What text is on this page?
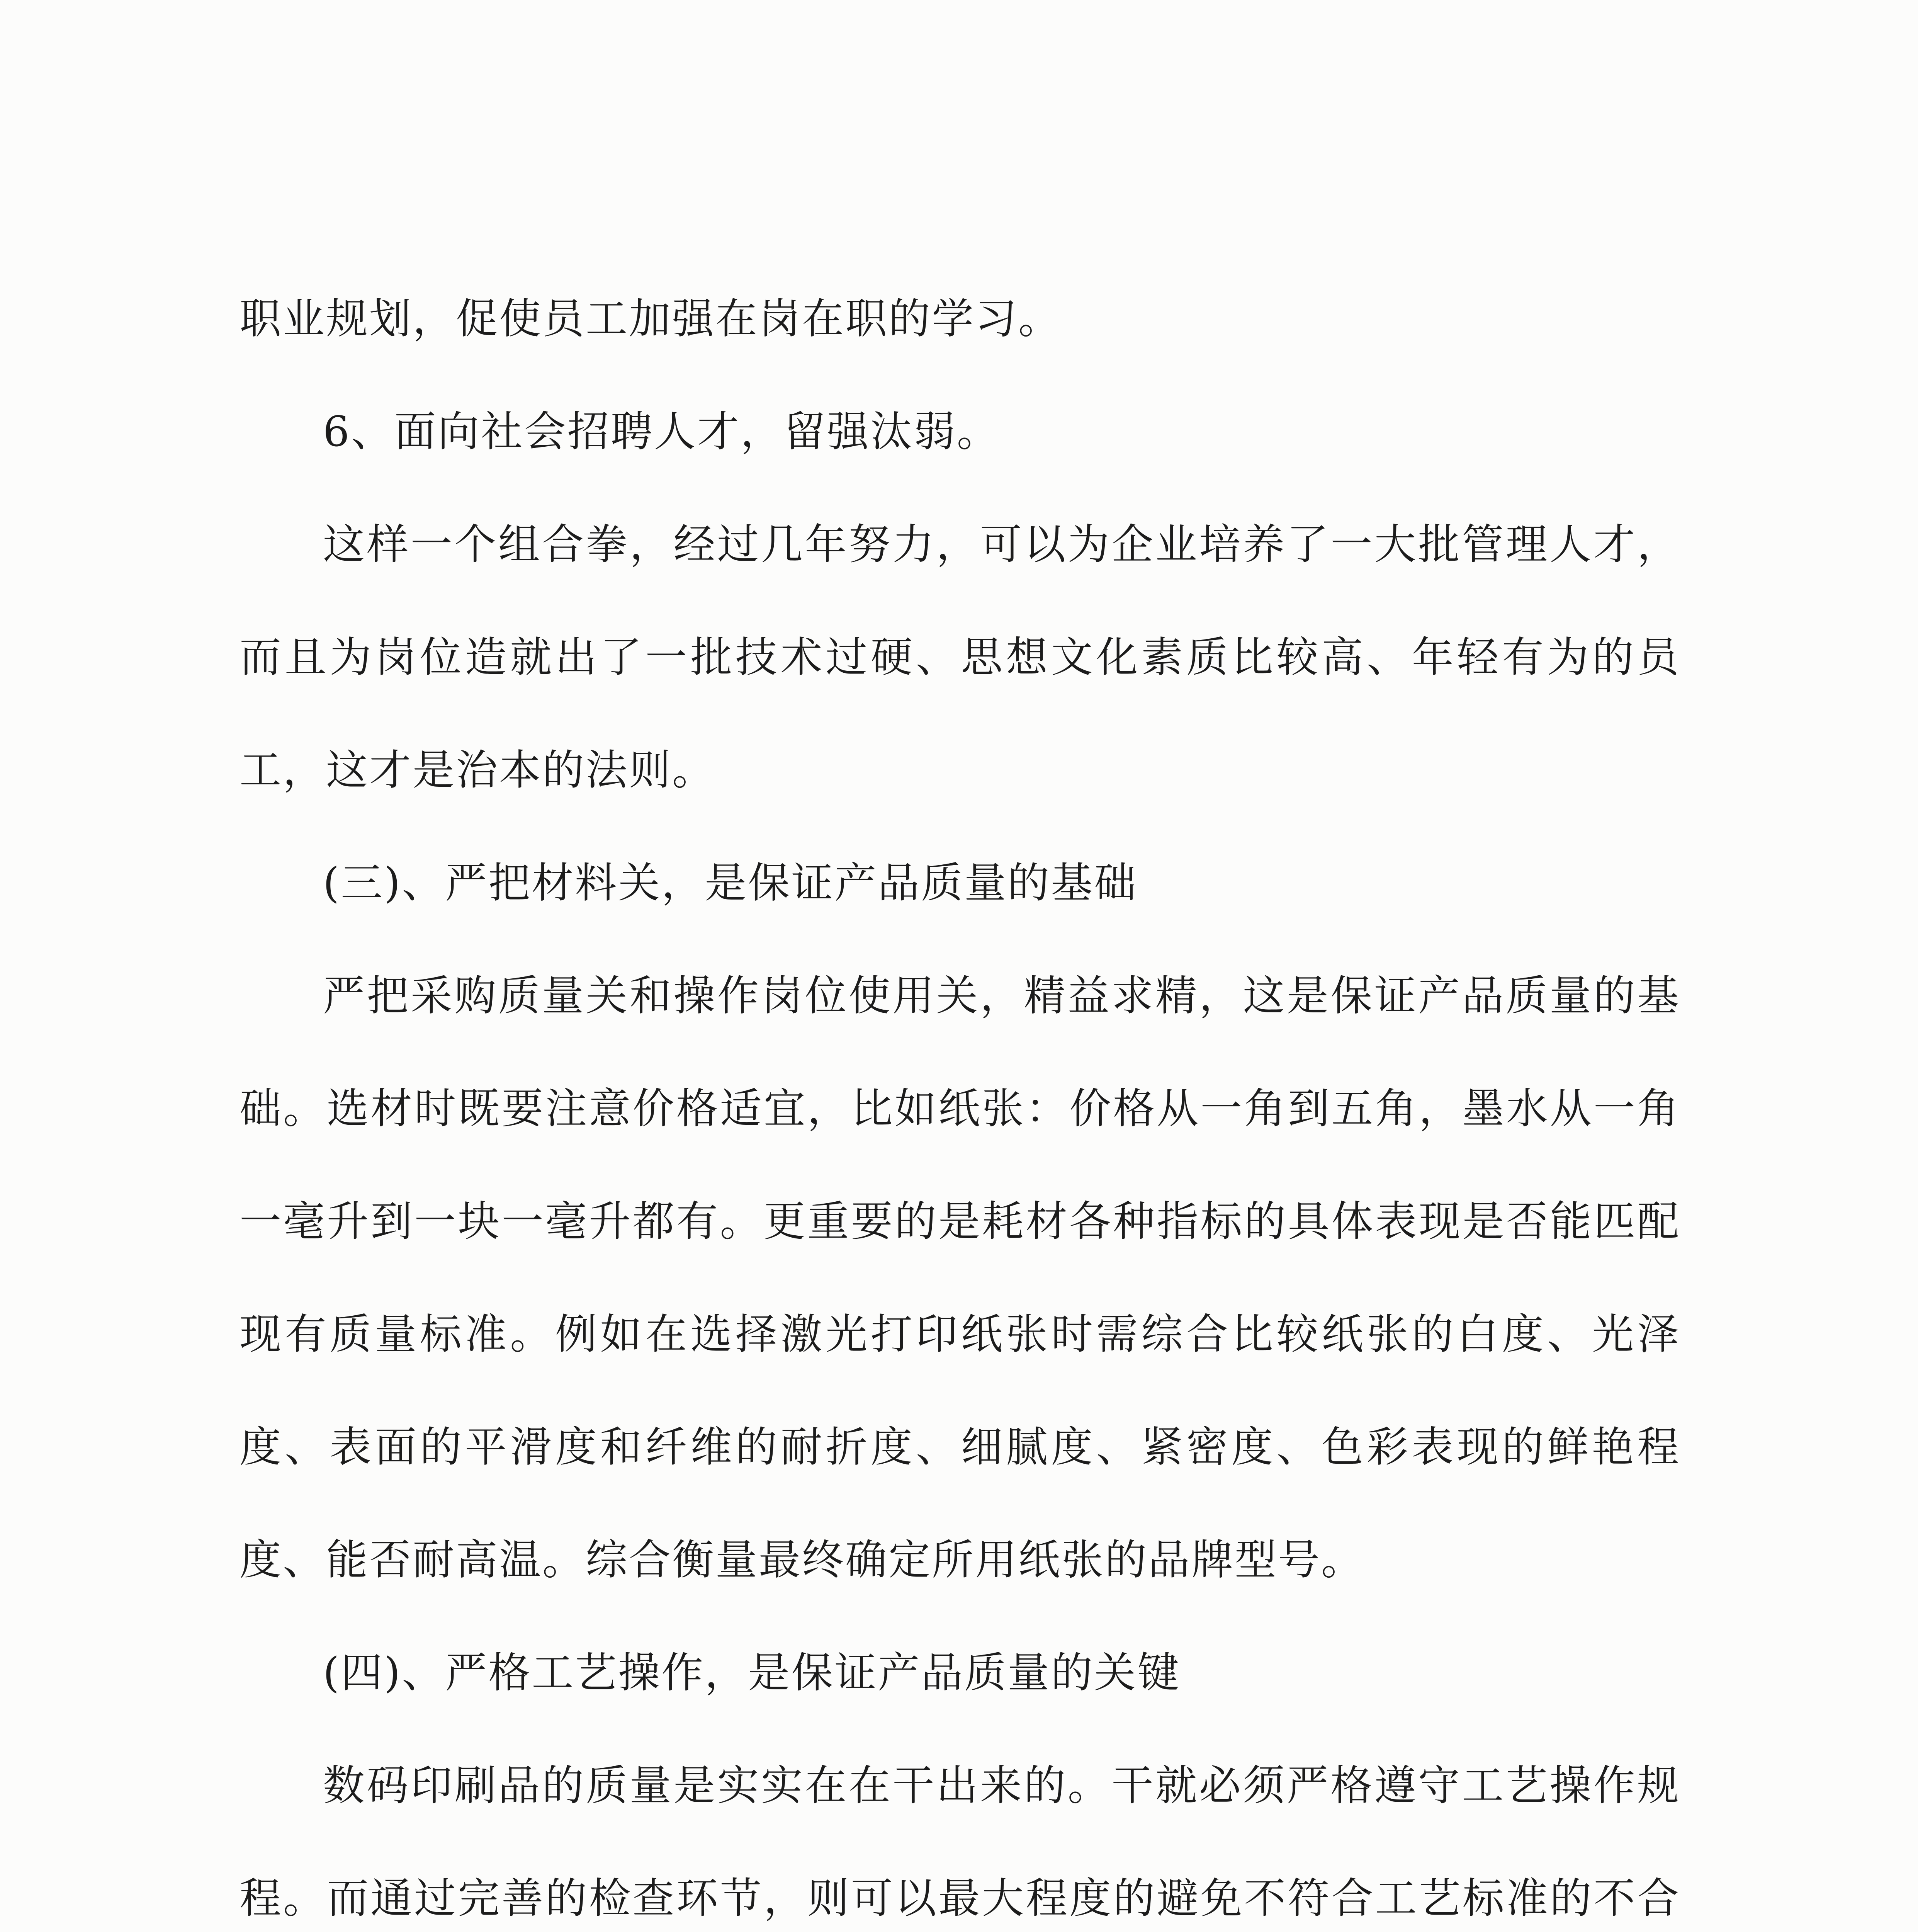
职业规划，促使员工加强在岗在职的学习。

6、面向社会招聘人才，留强汰弱。

这样一个组合拳，经过几年努力，可以为企业培养了一大批管理人才，而且为岗位造就出了一批技术过硬、思想文化素质比较高、年轻有为的员工，这才是治本的法则。

(三)、严把材料关，是保证产品质量的基础

严把采购质量关和操作岗位使用关，精益求精，这是保证产品质量的基础。选材时既要注意价格适宜，比如纸张：价格从一角到五角，墨水从一角一毫升到一块一毫升都有。更重要的是耗材各种指标的具体表现是否能匹配现有质量标准。例如在选择激光打印纸张时需综合比较纸张的白度、光泽度、表面的平滑度和纤维的耐折度、细腻度、紧密度、色彩表现的鲜艳程度、能否耐高温。综合衡量最终确定所用纸张的品牌型号。

(四)、严格工艺操作，是保证产品质量的关键

数码印刷品的质量是实实在在干出来的。干就必须严格遵守工艺操作规程。而通过完善的检查环节，则可以最大程度的避免不符合工艺标准的不合
